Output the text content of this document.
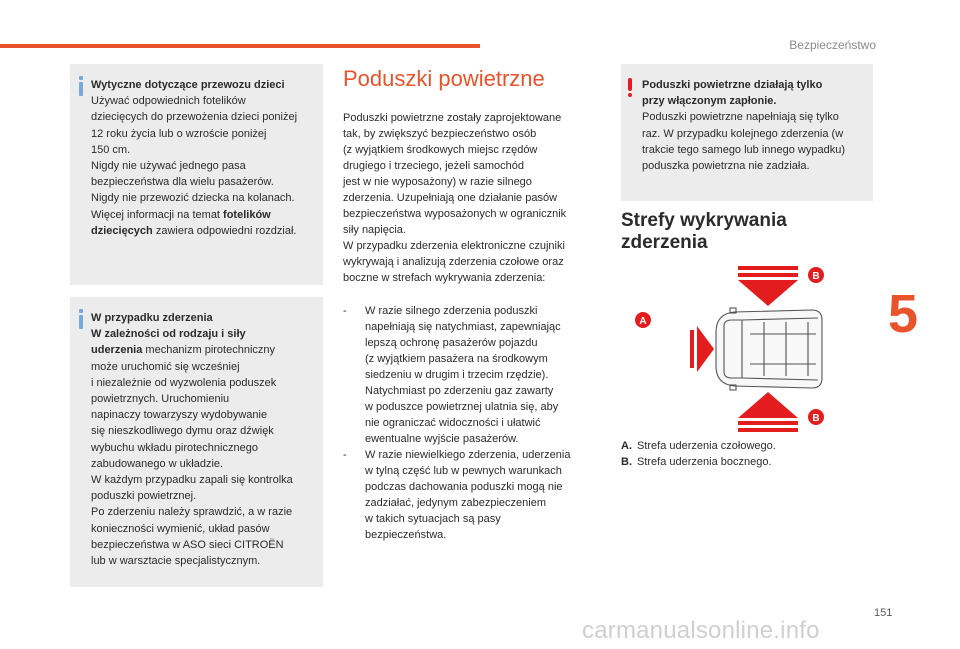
Bezpieczeństwo
5
Wytyczne dotyczące przewozu dzieci
Używać odpowiednich fotelików
dziecięcych do przewożenia dzieci poniżej
12 roku życia lub o wzroście poniżej
150 cm.
Nigdy nie używać jednego pasa
bezpieczeństwa dla wielu pasażerów.
Nigdy nie przewozić dziecka na kolanach.
Więcej informacji na temat fotelików
dziecięcych zawiera odpowiedni rozdział.
W przypadku zderzenia
W zależności od rodzaju i siły
uderzenia mechanizm pirotechniczny
może uruchomić się wcześniej
i niezależnie od wyzwolenia poduszek
powietrznych. Uruchomieniu
napinaczy towarzyszy wydobywanie
się nieszkodliwego dymu oraz dźwięk
wybuchu wkładu pirotechnicznego
zabudowanego w układzie.
W każdym przypadku zapali się kontrolka
poduszki powietrznej.
Po zderzeniu należy sprawdzić, a w razie
konieczności wymienić, układ pasów
bezpieczeństwa w ASO sieci CITROËN
lub w warsztacie specjalistycznym.
Poduszki powietrzne
Poduszki powietrzne zostały zaprojektowane
tak, by zwiększyć bezpieczeństwo osób
(z wyjątkiem środkowych miejsc rzędów
drugiego i trzeciego, jeżeli samochód
jest w nie wyposażony) w razie silnego
zderzenia. Uzupełniają one działanie pasów
bezpieczeństwa wyposażonych w ogranicznik
siły napięcia.
W przypadku zderzenia elektroniczne czujniki
wykrywają i analizują zderzenia czołowe oraz
boczne w strefach wykrywania zderzenia:
- W razie silnego zderzenia poduszki
napełniają się natychmiast, zapewniając
lepszą ochronę pasażerów pojazdu
(z wyjątkiem pasażera na środkowym
siedzeniu w drugim i trzecim rzędzie).
Natychmiast po zderzeniu gaz zawarty
w poduszce powietrznej ulatnia się, aby
nie ograniczać widoczności i ułatwić
ewentualne wyjście pasażerów.
- W razie niewielkiego zderzenia, uderzenia
w tylną część lub w pewnych warunkach
podczas dachowania poduszki mogą nie
zadziałać, jedynym zabezpieczeniem
w takich sytuacjach są pasy
bezpieczeństwa.
Poduszki powietrzne działają tylko
przy włączonym zapłonie.
Poduszki powietrzne napełniają się tylko
raz. W przypadku kolejnego zderzenia (w
trakcie tego samego lub innego wypadku)
poduszka powietrzna nie zadziała.
Strefy wykrywania
zderzenia
B
B
A
A. Strefa uderzenia czołowego.
B. Strefa uderzenia bocznego.
151
carmanualsonline.info
